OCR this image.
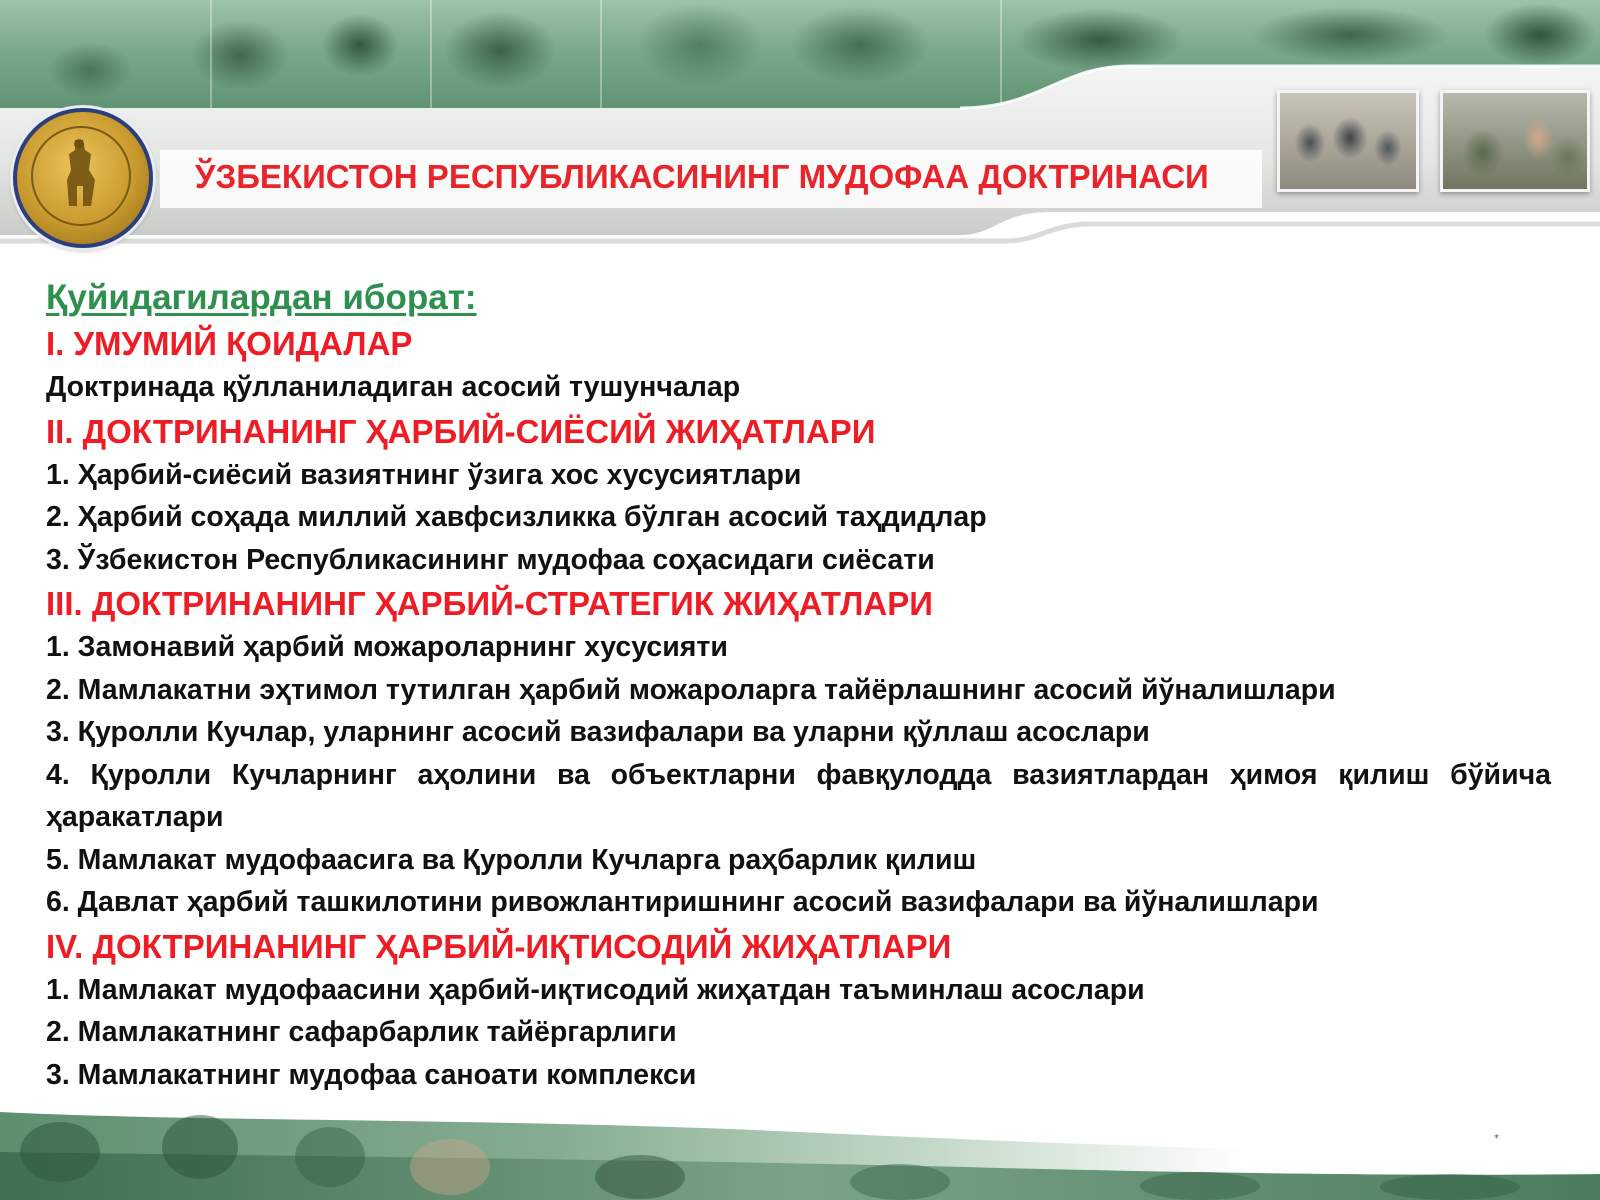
ЎЗБЕКИСТОН РЕСПУБЛИКАСИНИНГ МУДОФАА ДОКТРИНАСИ

Қуйидагилардан иборат:

I. УМУМИЙ ҚОИДАЛАР

Доктринада қўлланиладиган асосий тушунчалар

II. ДОКТРИНАНИНГ ҲАРБИЙ-СИЁСИЙ ЖИҲАТЛАРИ

1. Ҳарбий-сиёсий вазиятнинг ўзига хос хусусиятлари

2. Ҳарбий соҳада миллий хавфсизликка бўлган асосий таҳдидлар

3. Ўзбекистон Республикасининг мудофаа соҳасидаги сиёсати

III. ДОКТРИНАНИНГ ҲАРБИЙ-СТРАТЕГИК ЖИҲАТЛАРИ

1. Замонавий ҳарбий можароларнинг хусусияти

2. Мамлакатни эҳтимол тутилган ҳарбий можароларга тайёрлашнинг асосий йўналишлари

3. Қуролли Кучлар, уларнинг асосий вазифалари ва уларни қўллаш асослари

4. Қуролли Кучларнинг аҳолини ва объектларни фавқулодда вазиятлардан ҳимоя қилиш бўйича ҳаракатлари

5. Мамлакат мудофаасига ва Қуролли Кучларга раҳбарлик қилиш

6. Давлат ҳарбий ташкилотини ривожлантиришнинг асосий вазифалари ва йўналишлари

IV. ДОКТРИНАНИНГ ҲАРБИЙ-ИҚТИСОДИЙ ЖИҲАТЛАРИ

1. Мамлакат мудофаасини ҳарбий-иқтисодий жиҳатдан таъминлаш асослари

2. Мамлакатнинг сафарбарлик тайёргарлиги

3. Мамлакатнинг мудофаа саноати комплекси

*
